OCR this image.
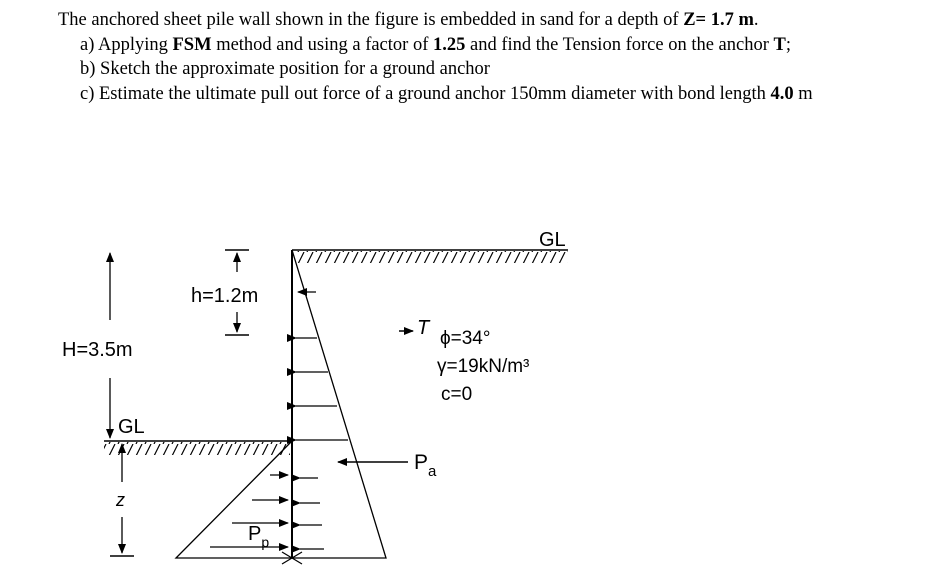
The anchored sheet pile wall shown in the figure is embedded in sand for a depth of Z= 1.7 m.
a) Applying FSM method and using a factor of 1.25 and find the Tension force on the anchor T;
b) Sketch the approximate position for a ground anchor
c) Estimate the ultimate pull out force of a ground anchor 150mm diameter with bond length 4.0 m
GL
GL
h=1.2m
H=3.5m
z
T ϕ=34°
γ=19kN/m³
c=0
$P_a$
$P_p$
